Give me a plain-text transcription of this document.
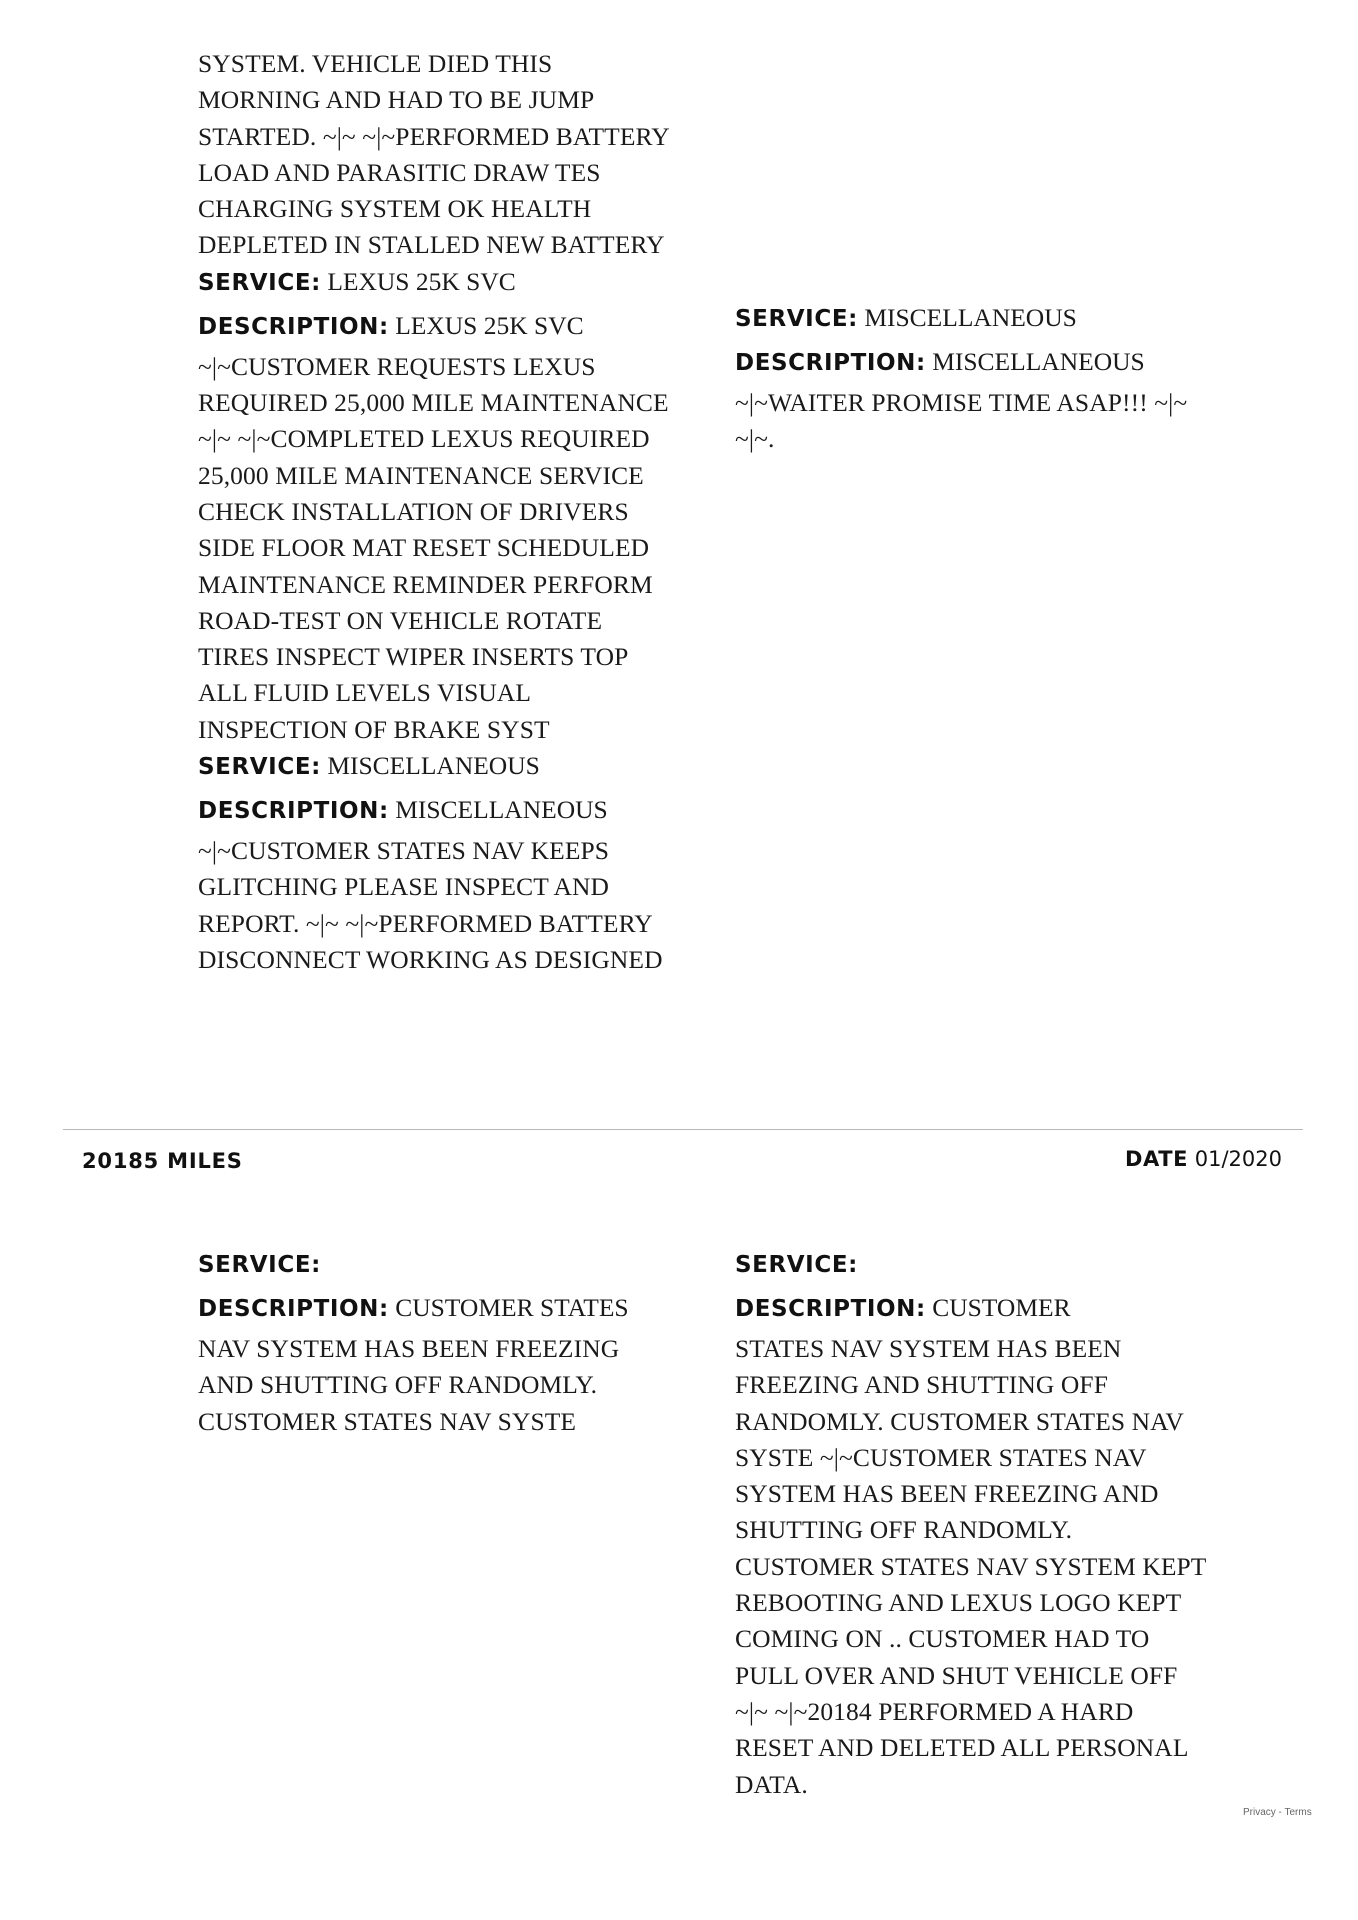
SYSTEM. VEHICLE DIED THIS MORNING AND HAD TO BE JUMP STARTED. ~|~ ~|~PERFORMED BATTERY LOAD AND PARASITIC DRAW TES CHARGING SYSTEM OK HEALTH DEPLETED IN STALLED NEW BATTERY

SERVICE: LEXUS 25K SVC

DESCRIPTION: LEXUS 25K SVC

~|~CUSTOMER REQUESTS LEXUS REQUIRED 25,000 MILE MAINTENANCE ~|~ ~|~COMPLETED LEXUS REQUIRED 25,000 MILE MAINTENANCE SERVICE CHECK INSTALLATION OF DRIVERS SIDE FLOOR MAT RESET SCHEDULED MAINTENANCE REMINDER PERFORM ROAD-TEST ON VEHICLE ROTATE TIRES INSPECT WIPER INSERTS TOP ALL FLUID LEVELS VISUAL INSPECTION OF BRAKE SYST

SERVICE: MISCELLANEOUS

DESCRIPTION: MISCELLANEOUS

~|~CUSTOMER STATES NAV KEEPS GLITCHING PLEASE INSPECT AND REPORT. ~|~ ~|~PERFORMED BATTERY DISCONNECT WORKING AS DESIGNED

SERVICE: MISCELLANEOUS

DESCRIPTION: MISCELLANEOUS

~|~WAITER PROMISE TIME ASAP!!! ~|~ ~|~.

20185 MILES	DATE 01/2020

SERVICE:

DESCRIPTION: CUSTOMER STATES

NAV SYSTEM HAS BEEN FREEZING AND SHUTTING OFF RANDOMLY. CUSTOMER STATES NAV SYSTE

SERVICE:

DESCRIPTION: CUSTOMER

STATES NAV SYSTEM HAS BEEN FREEZING AND SHUTTING OFF RANDOMLY. CUSTOMER STATES NAV SYSTE ~|~CUSTOMER STATES NAV SYSTEM HAS BEEN FREEZING AND SHUTTING OFF RANDOMLY. CUSTOMER STATES NAV SYSTEM KEPT REBOOTING AND LEXUS LOGO KEPT COMING ON .. CUSTOMER HAD TO PULL OVER AND SHUT VEHICLE OFF ~|~ ~|~20184 PERFORMED A HARD RESET AND DELETED ALL PERSONAL DATA.

Privacy - Terms
